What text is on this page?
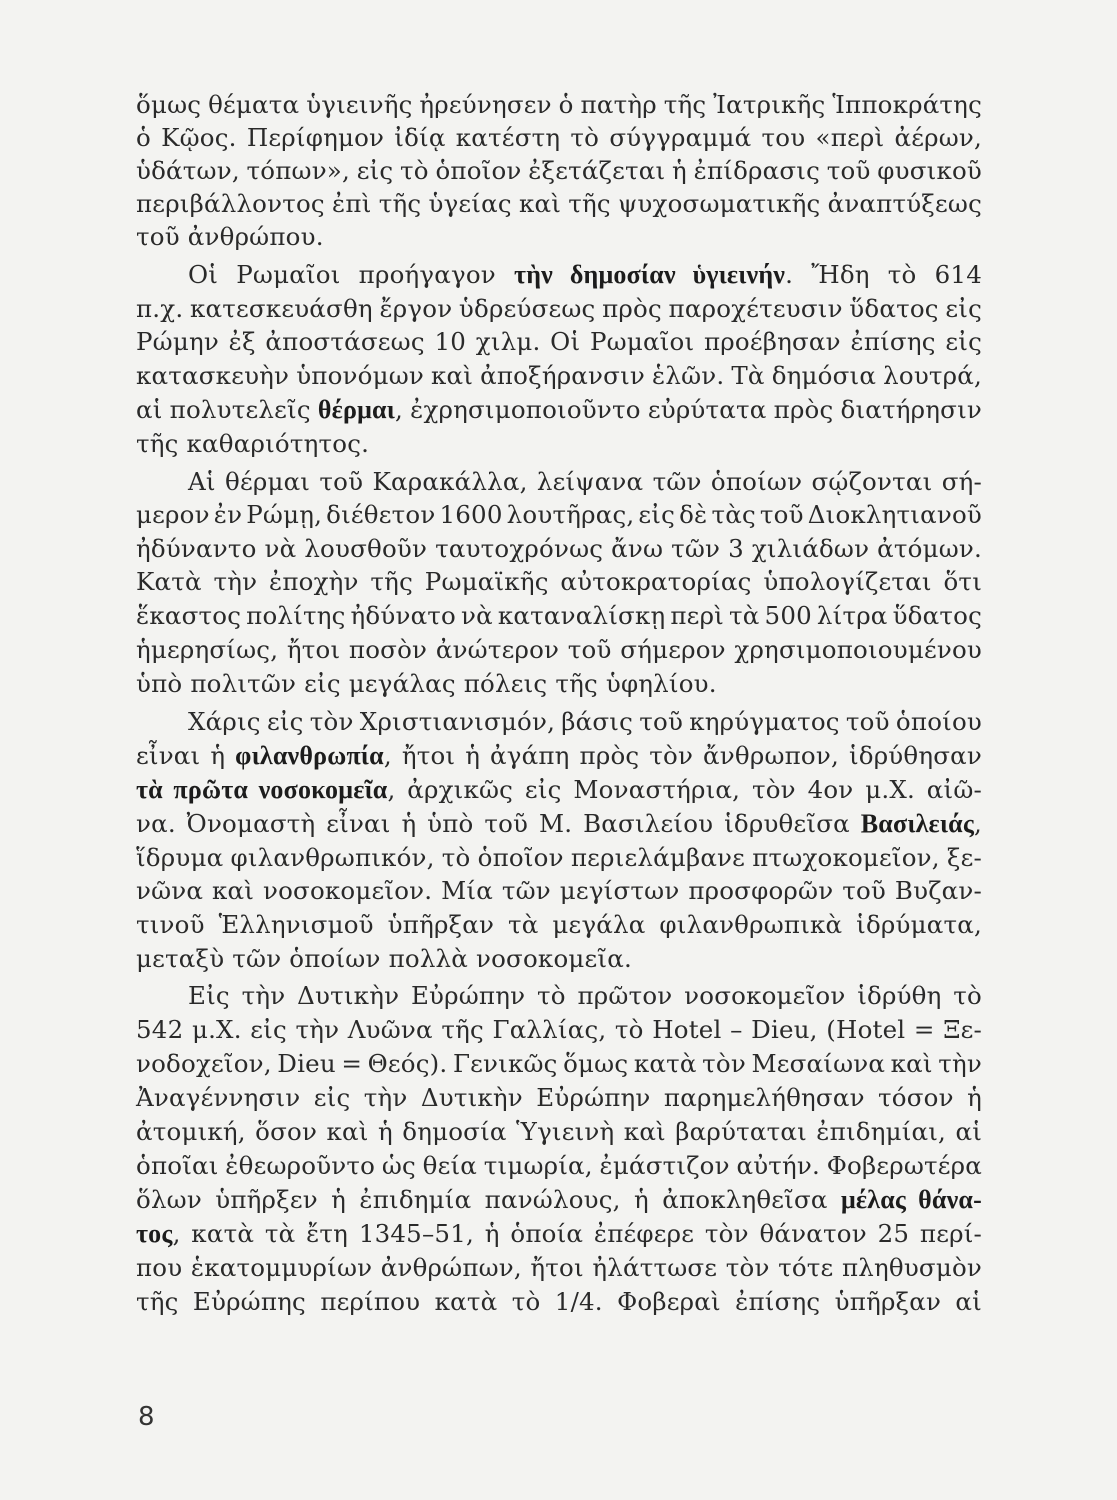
ὅμως θέματα ὑγιεινῆς ἠρεύνησεν ὁ πατὴρ τῆς Ἰατρικῆς Ἱπποκράτης
ὁ Κῷος. Περίφημον ἰδίᾳ κατέστη τὸ σύγγραμμά του «περὶ ἀέρων,
ὑδάτων, τόπων», εἰς τὸ ὁποῖον ἐξετάζεται ἡ ἐπίδρασις τοῦ φυσικοῦ
περιβάλλοντος ἐπὶ τῆς ὑγείας καὶ τῆς ψυχοσωματικῆς ἀναπτύξεως
τοῦ ἀνθρώπου.
Οἱ Ρωμαῖοι προήγαγον τὴν δημοσίαν ὑγιεινήν. Ἤδη τὸ 614
π.χ. κατεσκευάσθη ἔργον ὑδρεύσεως πρὸς παροχέτευσιν ὕδατος εἰς
Ρώμην ἐξ ἀποστάσεως 10 χιλμ. Οἱ Ρωμαῖοι προέβησαν ἐπίσης εἰς
κατασκευὴν ὑπονόμων καὶ ἀποξήρανσιν ἑλῶν. Τὰ δημόσια λουτρά,
αἱ πολυτελεῖς θέρμαι, ἐχρησιμοποιοῦντο εὐρύτατα πρὸς διατήρησιν
τῆς καθαριότητος.
Αἱ θέρμαι τοῦ Καρακάλλα, λείψανα τῶν ὁποίων σῴζονται σή-
μερον ἐν Ρώμῃ, διέθετον 1600 λουτῆρας, εἰς δὲ τὰς τοῦ Διοκλητιανοῦ
ἠδύναντο νὰ λουσθοῦν ταυτοχρόνως ἄνω τῶν 3 χιλιάδων ἀτόμων.
Κατὰ τὴν ἐποχὴν τῆς Ρωμαϊκῆς αὐτοκρατορίας ὑπολογίζεται ὅτι
ἕκαστος πολίτης ἠδύνατο νὰ καταναλίσκῃ περὶ τὰ 500 λίτρα ὕδατος
ἡμερησίως, ἤτοι ποσὸν ἀνώτερον τοῦ σήμερον χρησιμοποιουμένου
ὑπὸ πολιτῶν εἰς μεγάλας πόλεις τῆς ὑφηλίου.
Χάρις εἰς τὸν Χριστιανισμόν, βάσις τοῦ κηρύγματος τοῦ ὁποίου
εἶναι ἡ φιλανθρωπία, ἤτοι ἡ ἀγάπη πρὸς τὸν ἄνθρωπον, ἱδρύθησαν
τὰ πρῶτα νοσοκομεῖα, ἀρχικῶς εἰς Μοναστήρια, τὸν 4ον μ.Χ. αἰῶ-
να. Ὀνομαστὴ εἶναι ἡ ὑπὸ τοῦ Μ. Βασιλείου ἱδρυθεῖσα Βασιλειάς,
ἵδρυμα φιλανθρωπικόν, τὸ ὁποῖον περιελάμβανε πτωχοκομεῖον, ξε-
νῶνα καὶ νοσοκομεῖον. Μία τῶν μεγίστων προσφορῶν τοῦ Βυζαν-
τινοῦ Ἑλληνισμοῦ ὑπῆρξαν τὰ μεγάλα φιλανθρωπικὰ ἱδρύματα,
μεταξὺ τῶν ὁποίων πολλὰ νοσοκομεῖα.
Εἰς τὴν Δυτικὴν Εὐρώπην τὸ πρῶτον νοσοκομεῖον ἱδρύθη τὸ
542 μ.Χ. εἰς τὴν Λυῶνα τῆς Γαλλίας, τὸ Hotel – Dieu, (Hotel = Ξε-
νοδοχεῖον, Dieu = Θεός). Γενικῶς ὅμως κατὰ τὸν Μεσαίωνα καὶ τὴν
Ἀναγέννησιν εἰς τὴν Δυτικὴν Εὐρώπην παρημελήθησαν τόσον ἡ
ἀτομική, ὅσον καὶ ἡ δημοσία Ὑγιεινὴ καὶ βαρύταται ἐπιδημίαι, αἱ
ὁποῖαι ἐθεωροῦντο ὡς θεία τιμωρία, ἐμάστιζον αὐτήν. Φοβερωτέρα
ὅλων ὑπῆρξεν ἡ ἐπιδημία πανώλους, ἡ ἀποκληθεῖσα μέλας θάνα-
τος, κατὰ τὰ ἔτη 1345–51, ἡ ὁποία ἐπέφερε τὸν θάνατον 25 περί-
που ἑκατομμυρίων ἀνθρώπων, ἤτοι ἠλάττωσε τὸν τότε πληθυσμὸν
τῆς Εὐρώπης περίπου κατὰ τὸ 1/4. Φοβεραὶ ἐπίσης ὑπῆρξαν αἱ
8
